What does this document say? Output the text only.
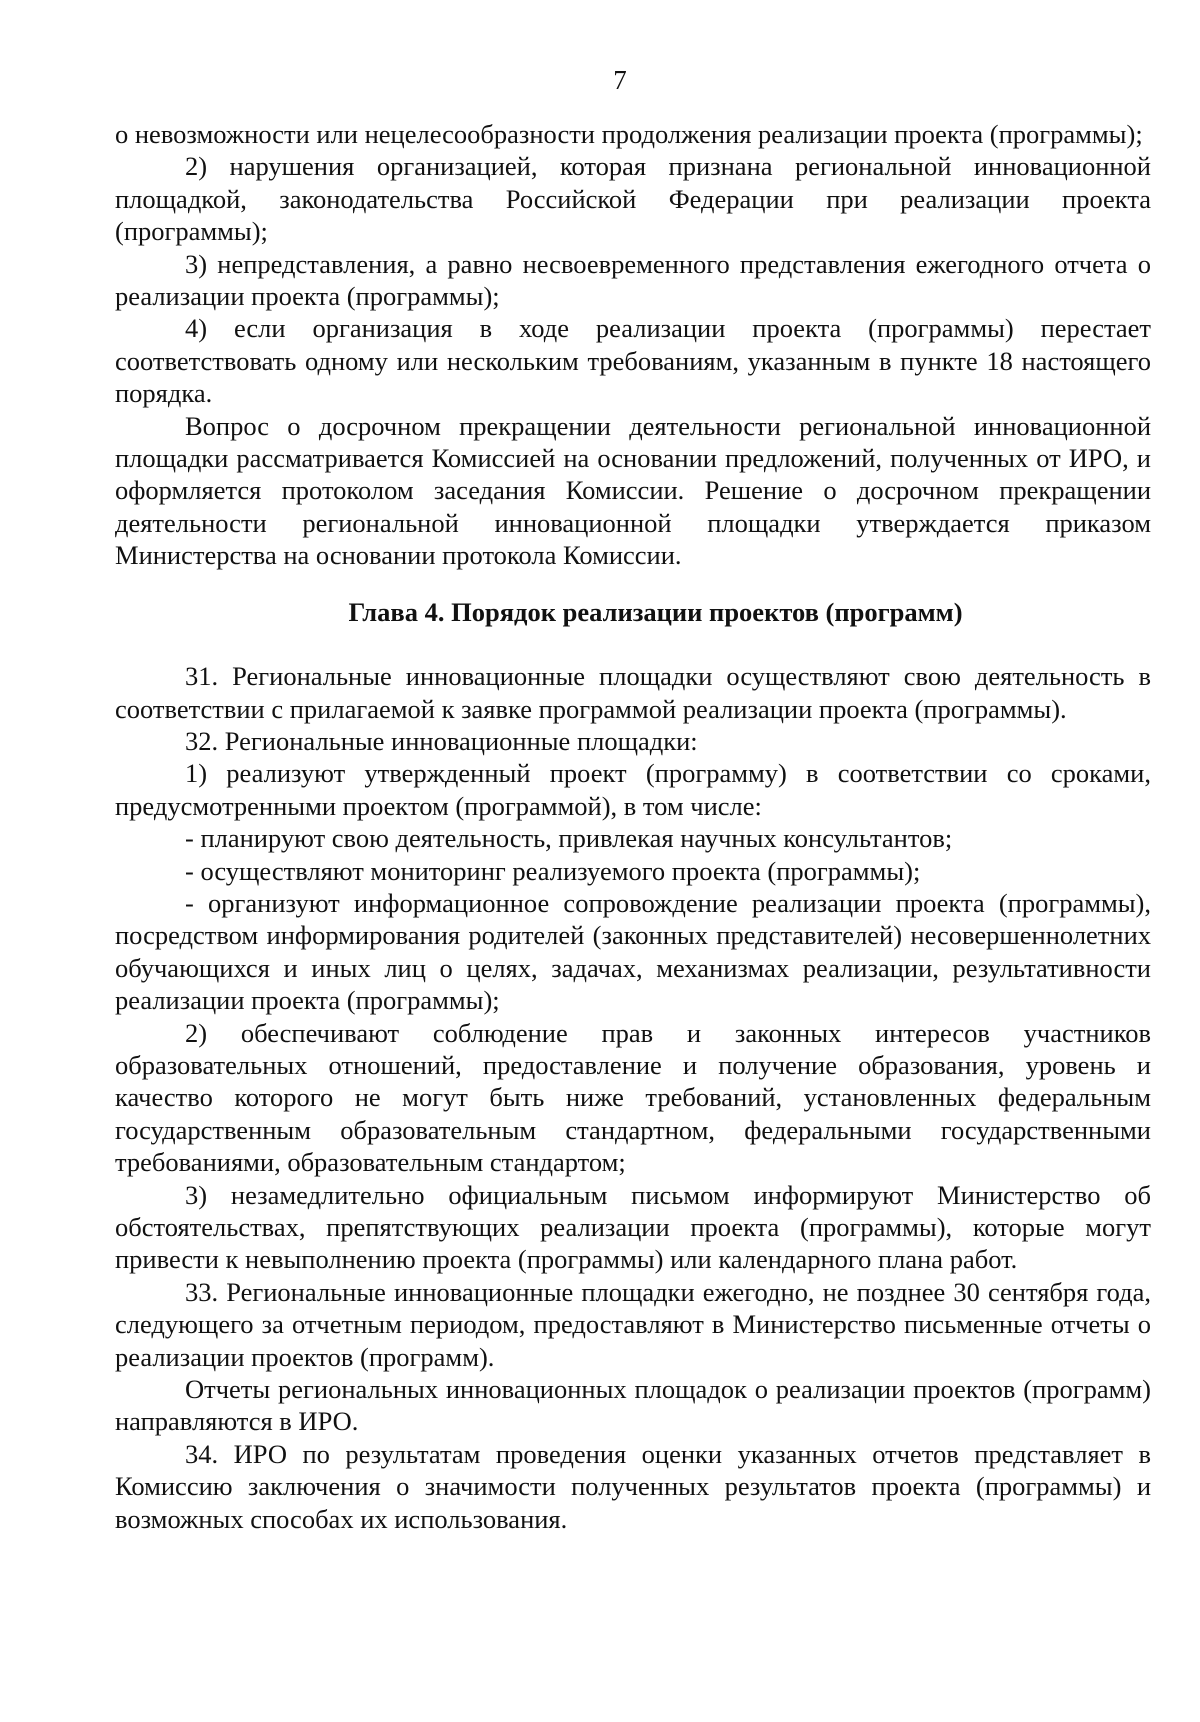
7

о невозможности или нецелесообразности продолжения реализации проекта (программы);

2) нарушения организацией, которая признана региональной инновационной площадкой, законодательства Российской Федерации при реализации проекта (программы);

3) непредставления, а равно несвоевременного представления ежегодного отчета о реализации проекта (программы);

4) если организация в ходе реализации проекта (программы) перестает соответствовать одному или нескольким требованиям, указанным в пункте 18 настоящего порядка.

Вопрос о досрочном прекращении деятельности региональной инновационной площадки рассматривается Комиссией на основании предложений, полученных от ИРО, и оформляется протоколом заседания Комиссии. Решение о досрочном прекращении деятельности региональной инновационной площадки утверждается приказом Министерства на основании протокола Комиссии.

Глава 4. Порядок реализации проектов (программ)

31. Региональные инновационные площадки осуществляют свою деятельность в соответствии с прилагаемой к заявке программой реализации проекта (программы).

32. Региональные инновационные площадки:

1) реализуют утвержденный проект (программу) в соответствии со сроками, предусмотренными проектом (программой), в том числе:

- планируют свою деятельность, привлекая научных консультантов;

- осуществляют мониторинг реализуемого проекта (программы);

- организуют информационное сопровождение реализации проекта (программы), посредством информирования родителей (законных представителей) несовершеннолетних обучающихся и иных лиц о целях, задачах, механизмах реализации, результативности реализации проекта (программы);

2) обеспечивают соблюдение прав и законных интересов участников образовательных отношений, предоставление и получение образования, уровень и качество которого не могут быть ниже требований, установленных федеральным государственным образовательным стандартном, федеральными государственными требованиями, образовательным стандартом;

3) незамедлительно официальным письмом информируют Министерство об обстоятельствах, препятствующих реализации проекта (программы), которые могут привести к невыполнению проекта (программы) или календарного плана работ.

33. Региональные инновационные площадки ежегодно, не позднее 30 сентября года, следующего за отчетным периодом, предоставляют в Министерство письменные отчеты о реализации проектов (программ).

Отчеты региональных инновационных площадок о реализации проектов (программ) направляются в ИРО.

34. ИРО по результатам проведения оценки указанных отчетов представляет в Комиссию заключения о значимости полученных результатов проекта (программы) и возможных способах их использования.
